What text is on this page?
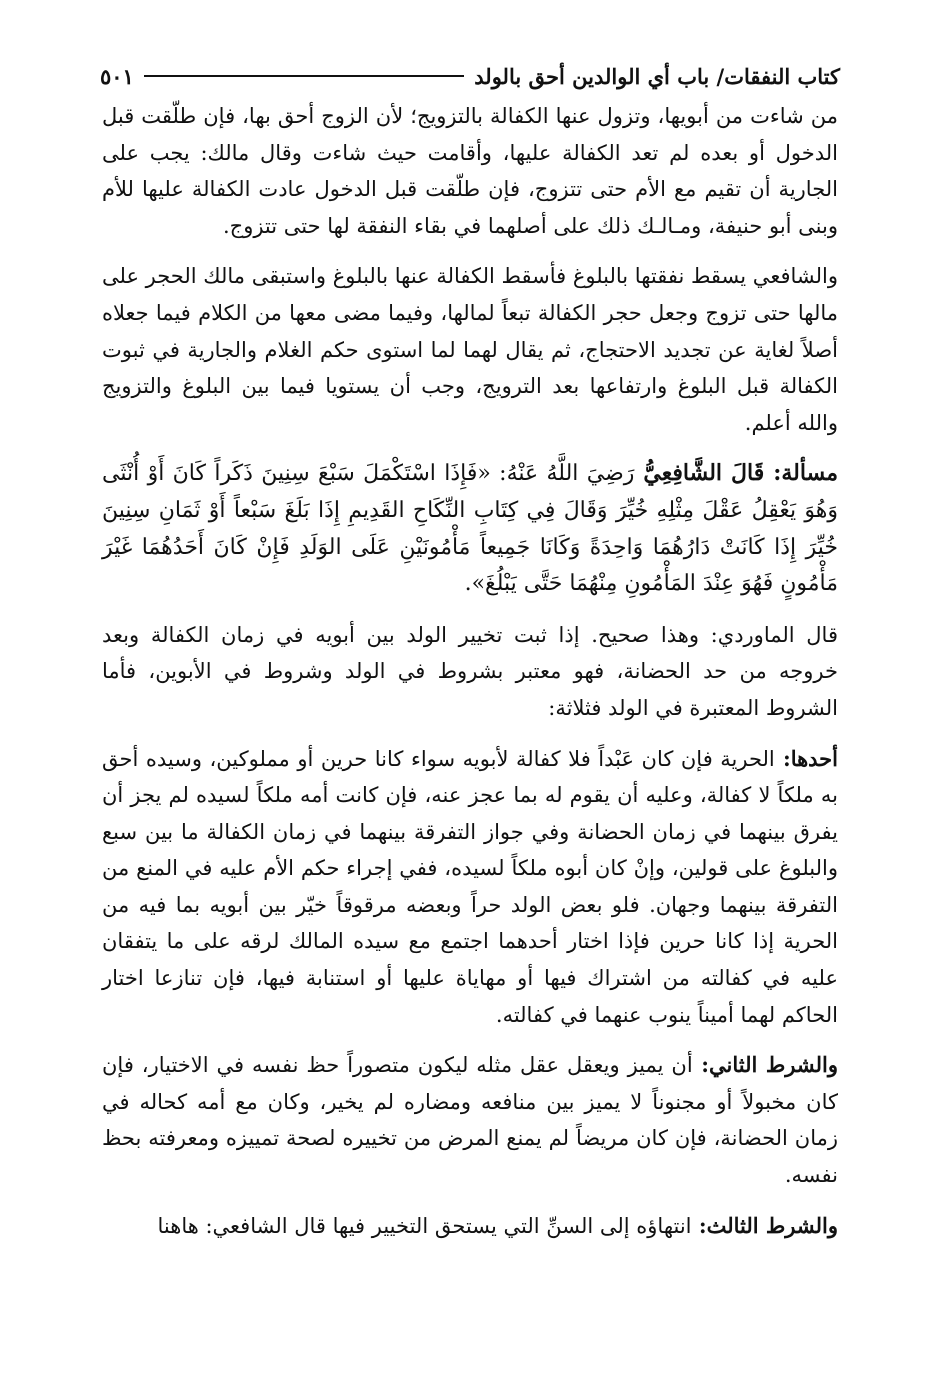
كتاب النفقات/ باب أي الوالدين أحق بالولد
٥٠١

من شاءت من أبويها، وتزول عنها الكفالة بالتزويج؛ لأن الزوج أحق بها، فإن طلّقت قبل الدخول أو بعده لم تعد الكفالة عليها، وأقامت حيث شاءت وقال مالك: يجب على الجارية أن تقيم مع الأم حتى تتزوج، فإن طلّقت قبل الدخول عادت الكفالة عليها للأم وبنى أبو حنيفة، ومـالـك ذلك على أصلهما في بقاء النفقة لها حتى تتزوج.

والشافعي يسقط نفقتها بالبلوغ فأسقط الكفالة عنها بالبلوغ واستبقى مالك الحجر على مالها حتى تزوج وجعل حجر الكفالة تبعاً لمالها، وفيما مضى معها من الكلام فيما جعلاه أصلاً لغاية عن تجديد الاحتجاج، ثم يقال لهما لما استوى حكم الغلام والجارية في ثبوت الكفالة قبل البلوغ وارتفاعها بعد الترويج، وجب أن يستويا فيما بين البلوغ والتزويج والله أعلم.

مسألة: قَالَ الشَّافِعِيُّ رَضِيَ اللَّهُ عَنْهُ: «فَإِذَا اسْتَكْمَلَ سَبْعَ سِنِينَ ذَكَراً كَانَ أَوْ أُنْثَى وَهُوَ يَعْقِلُ عَقْلَ مِثْلِهِ خُيِّرَ وَقَالَ فِي كِتَابِ النِّكَاحِ القَدِيمِ إِذَا بَلَغَ سَبْعاً أَوْ ثَمَانِ سِنِينَ خُيِّرَ إِذَا كَانَتْ دَارُهُمَا وَاحِدَةً وَكَانَا جَمِيعاً مَأْمُونَيْنِ عَلَى الوَلَدِ فَإِنْ كَانَ أَحَدُهُمَا غَيْرَ مَأْمُونٍ فَهُوَ عِنْدَ المَأْمُونِ مِنْهُمَا حَتَّى يَبْلُغَ».

قال الماوردي: وهذا صحيح. إذا ثبت تخيير الولد بين أبويه في زمان الكفالة وبعد خروجه من حد الحضانة، فهو معتبر بشروط في الولد وشروط في الأبوين، فأما الشروط المعتبرة في الولد فثلاثة:

أحدها: الحرية فإن كان عَبْداً فلا كفالة لأبويه سواء كانا حرين أو مملوكين، وسيده أحق به ملكاً لا كفالة، وعليه أن يقوم له بما عجز عنه، فإن كانت أمه ملكاً لسيده لم يجز أن يفرق بينهما في زمان الحضانة وفي جواز التفرقة بينهما في زمان الكفالة ما بين سبع والبلوغ على قولين، وإنْ كان أبوه ملكاً لسيده، ففي إجراء حكم الأم عليه في المنع من التفرقة بينهما وجهان. فلو بعض الولد حراً وبعضه مرقوقاً خيّر بين أبويه بما فيه من الحرية إذا كانا حرين فإذا اختار أحدهما اجتمع مع سيده المالك لرقه على ما يتفقان عليه في كفالته من اشتراك فيها أو مهاياة عليها أو استنابة فيها، فإن تنازعا اختار الحاكم لهما أميناً ينوب عنهما في كفالته.

والشرط الثاني: أن يميز ويعقل عقل مثله ليكون متصوراً حظ نفسه في الاختيار، فإن كان مخبولاً أو مجنوناً لا يميز بين منافعه ومضاره لم يخير، وكان مع أمه كحاله في زمان الحضانة، فإن كان مريضاً لم يمنع المرض من تخييره لصحة تمييزه ومعرفته بحظ نفسه.

والشرط الثالث: انتهاؤه إلى السنِّ التي يستحق التخيير فيها قال الشافعي: هاهنا
